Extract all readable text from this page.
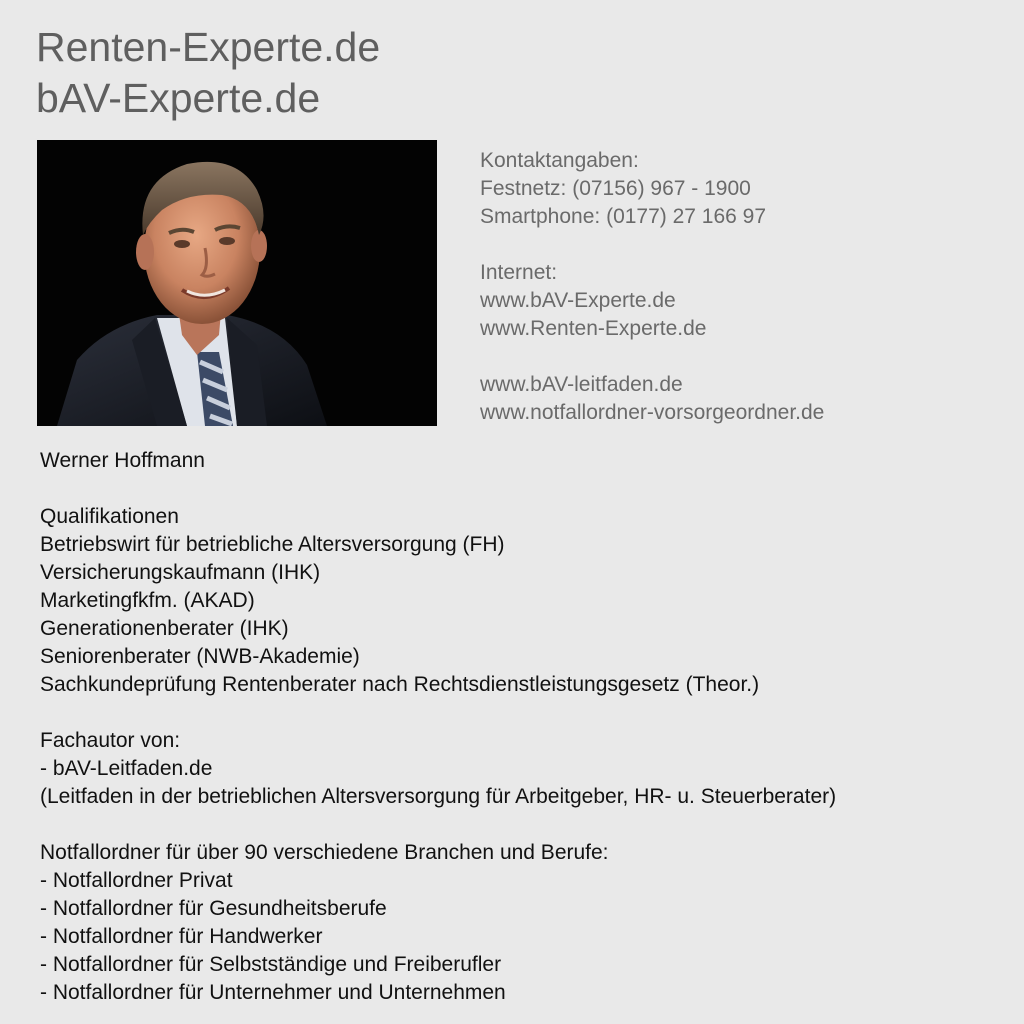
Renten-Experte.de
bAV-Experte.de
Kontaktangaben:
Festnetz: (07156) 967 - 1900
Smartphone: (0177) 27 166 97
Internet:
www.bAV-Experte.de
www.Renten-Experte.de
www.bAV-leitfaden.de
www.notfallordner-vorsorgeordner.de
Werner Hoffmann
Qualifikationen
Betriebswirt für betriebliche Altersversorgung (FH)
Versicherungskaufmann (IHK)
Marketingfkfm. (AKAD)
Generationenberater (IHK)
Seniorenberater (NWB-Akademie)
Sachkundeprüfung Rentenberater nach Rechtsdienstleistungsgesetz (Theor.)
Fachautor von:
- bAV-Leitfaden.de
(Leitfaden in der betrieblichen Altersversorgung für Arbeitgeber, HR- u. Steuerberater)
Notfallordner für über 90 verschiedene Branchen und Berufe:
- Notfallordner Privat
- Notfallordner für Gesundheitsberufe
- Notfallordner für Handwerker
- Notfallordner für Selbstständige und Freiberufler
- Notfallordner für Unternehmer und Unternehmen
